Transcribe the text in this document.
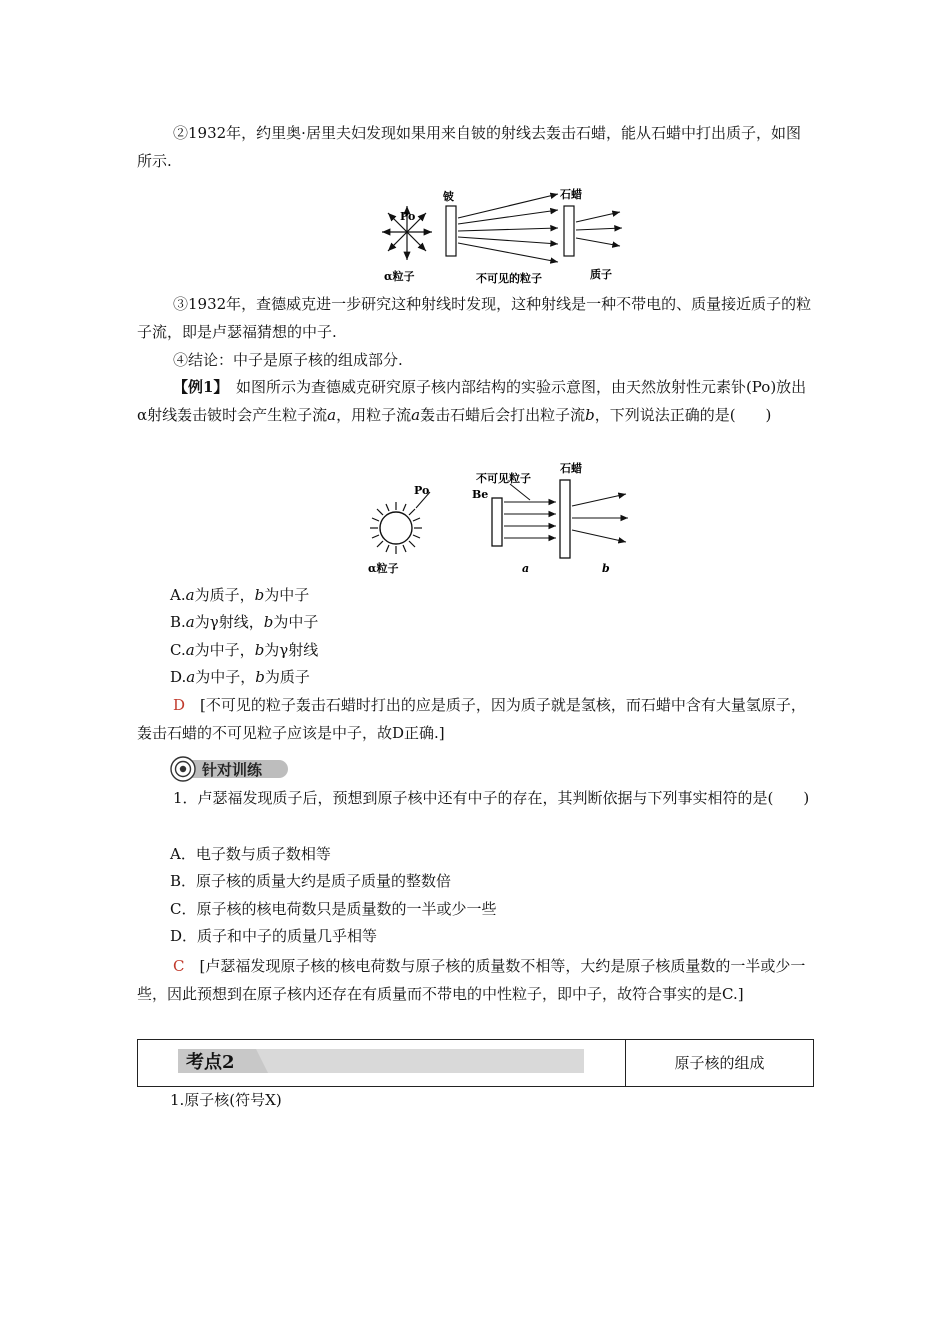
②1932年，约里奥·居里夫妇发现如果用来自铍的射线去轰击石蜡，能从石蜡中打出质子，如图所示.

Po
铍	石蜡
α粒子	不可见的粒子	质子

③1932年，查德威克进一步研究这种射线时发现，这种射线是一种不带电的、质量接近质子的粒子流，即是卢瑟福猜想的中子.

④结论：中子是原子核的组成部分.

【例1】　 如图所示为查德威克研究原子核内部结构的实验示意图，由天然放射性元素钋(Po)放出α射线轰击铍时会产生粒子流a，用粒子流a轰击石蜡后会打出粒子流b，下列说法正确的是(　　)

Po
α粒子
不可见粒子
Be
石蜡
a	b

A.a为质子，b为中子

B.a为γ射线，b为中子

C.a为中子，b为γ射线

D.a为中子，b为质子

D　 [不可见的粒子轰击石蜡时打出的应是质子，因为质子就是氢核，而石蜡中含有大量氢原子，轰击石蜡的不可见粒子应该是中子，故D正确.]

针对训练

1．卢瑟福发现质子后，预想到原子核中还有中子的存在，其判断依据与下列事实相符的是(　　)

A．电子数与质子数相等

B．原子核的质量大约是质子质量的整数倍

C．原子核的核电荷数只是质量数的一半或少一些

D．质子和中子的质量几乎相等

C　 [卢瑟福发现原子核的核电荷数与原子核的质量数不相等，大约是原子核质量数的一半或少一些，因此预想到在原子核内还存在有质量而不带电的中性粒子，即中子，故符合事实的是C.]

考点2	原子核的组成

1.原子核(符号X)
